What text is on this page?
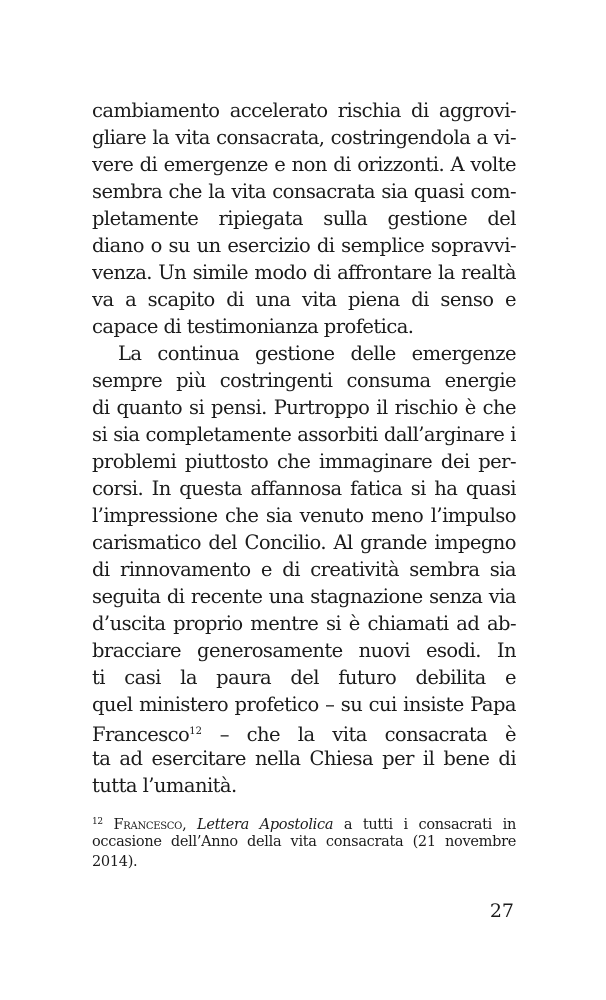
cambiamento accelerato rischia di aggrovi-
gliare la vita consacrata, costringendola a vi-
vere di emergenze e non di orizzonti. A volte
sembra che la vita consacrata sia quasi com-
pletamente ripiegata sulla gestione del
diano o su un esercizio di semplice sopravvi-
venza. Un simile modo di affrontare la realtà
va a scapito di una vita piena di senso e
capace di testimonianza profetica.
La continua gestione delle emergenze
sempre più costringenti consuma energie
di quanto si pensi. Purtroppo il rischio è che
si sia completamente assorbiti dall’arginare i
problemi piuttosto che immaginare dei per-
corsi. In questa affannosa fatica si ha quasi
l’impressione che sia venuto meno l’impulso
carismatico del Concilio. Al grande impegno
di rinnovamento e di creatività sembra sia
seguita di recente una stagnazione senza via
d’uscita proprio mentre si è chiamati ad ab-
bracciare generosamente nuovi esodi. In
ti casi la paura del futuro debilita e
quel ministero profetico – su cui insiste Papa
Francesco$^{12}$ – che la vita consacrata è
ta ad esercitare nella Chiesa per il bene di
tutta l’umanità.
$^{12}$ Francesco, Lettera Apostolica a tutti i consacrati in
occasione dell’Anno della vita consacrata (21 novembre
2014).
27
